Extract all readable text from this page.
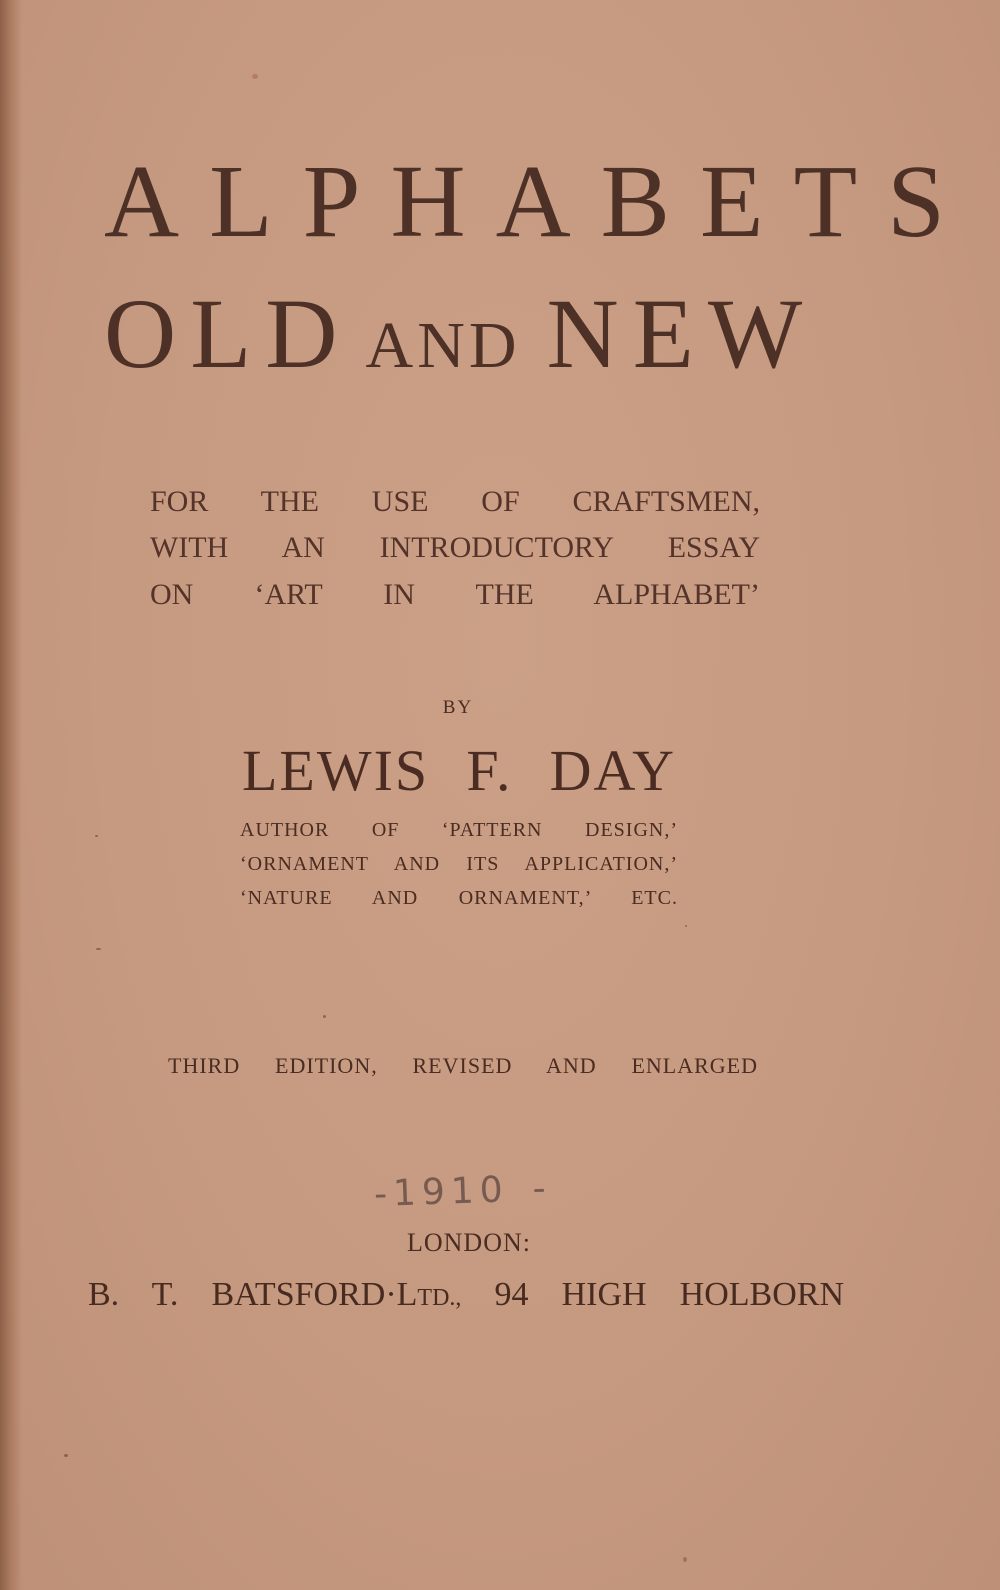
ALPHABETS
OLD AND NEW
FOR THE USE OF CRAFTSMEN,
WITH AN INTRODUCTORY ESSAY
ON ‘ART IN THE ALPHABET’
BY
LEWIS F. DAY
AUTHOR OF ‘PATTERN DESIGN,’
‘ORNAMENT AND ITS APPLICATION,’
‘NATURE AND ORNAMENT,’ ETC.
THIRD EDITION, REVISED AND ENLARGED
-1910 -
LONDON:
B. T. BATSFORD·LTD., 94 HIGH HOLBORN
